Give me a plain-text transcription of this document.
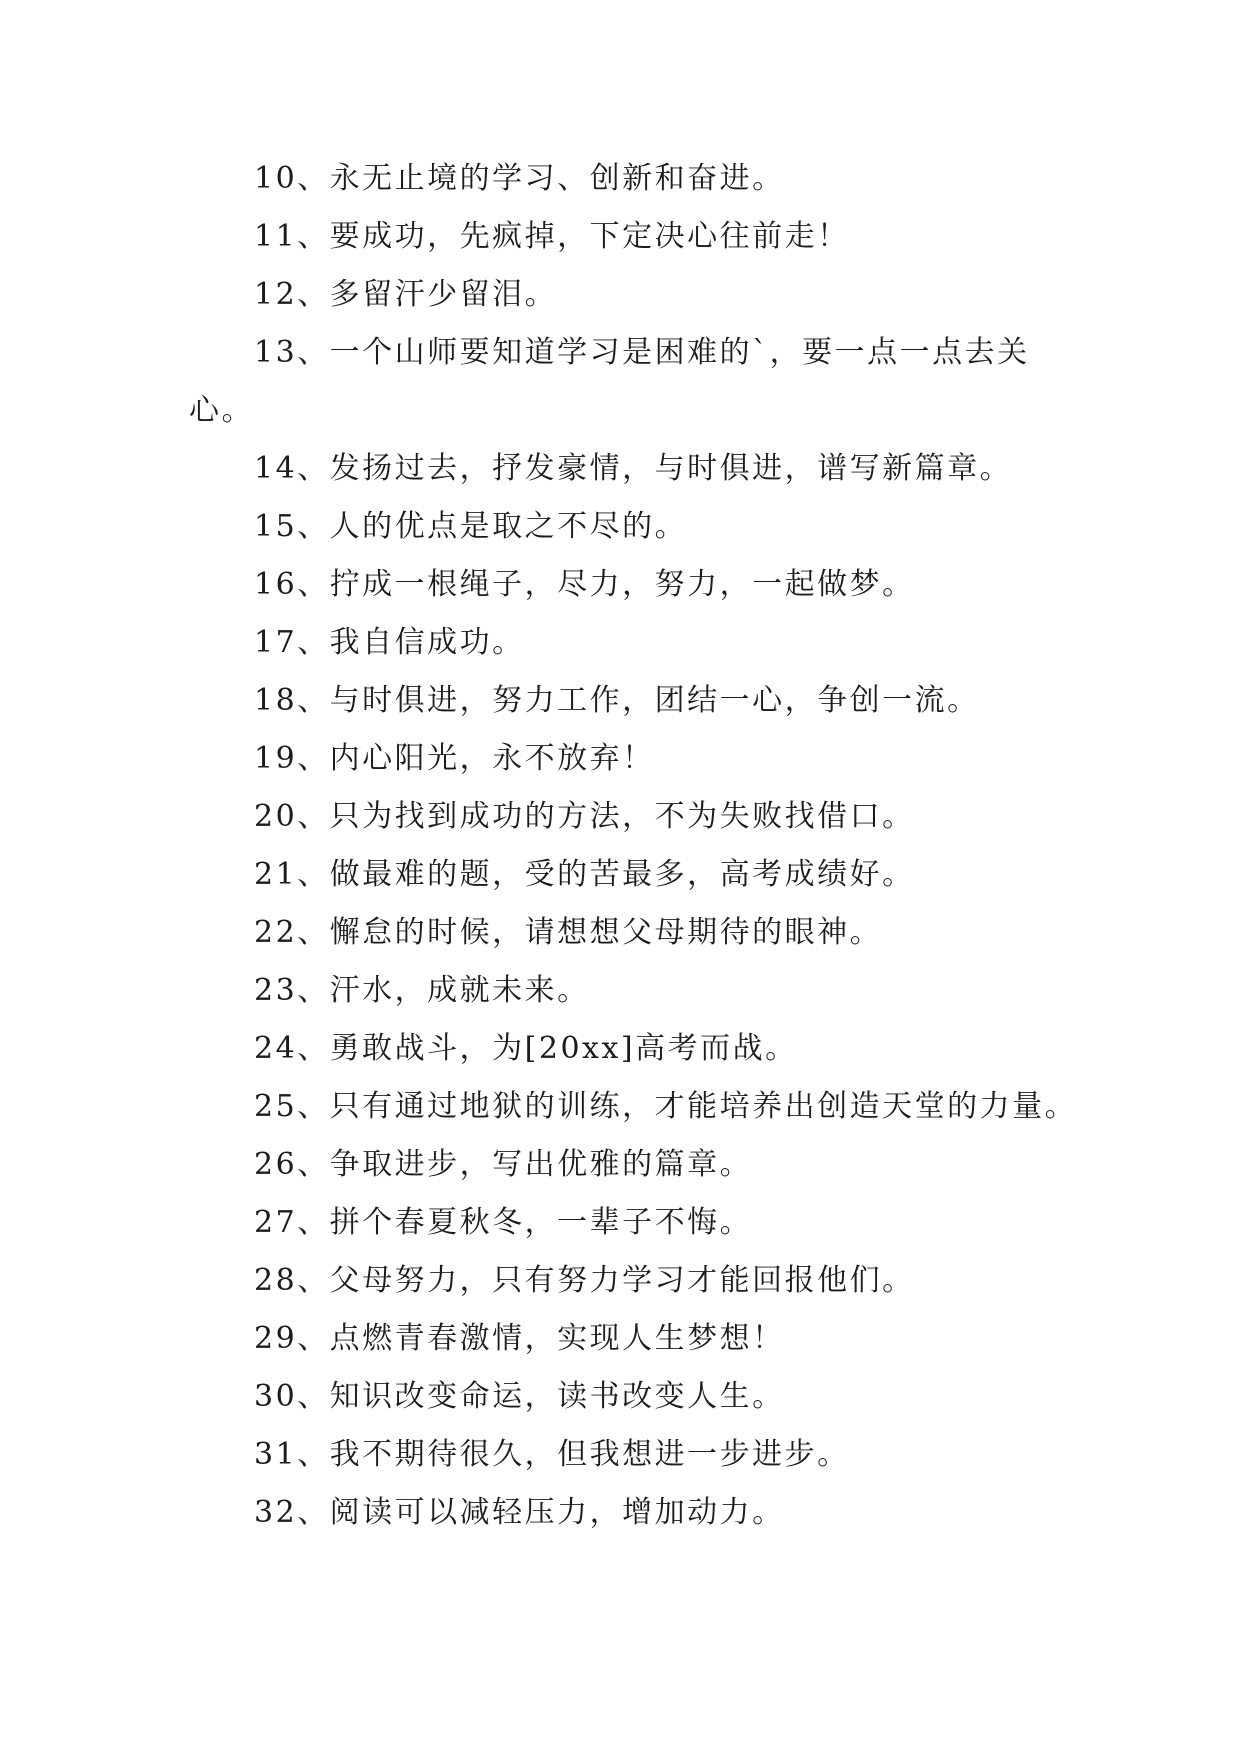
10、永无止境的学习、创新和奋进。
11、要成功，先疯掉，下定决心往前走！
12、多留汗少留泪。
13、一个山师要知道学习是困难的`，要一点一点去关
心。
14、发扬过去，抒发豪情，与时俱进，谱写新篇章。
15、人的优点是取之不尽的。
16、拧成一根绳子，尽力，努力，一起做梦。
17、我自信成功。
18、与时俱进，努力工作，团结一心，争创一流。
19、内心阳光，永不放弃！
20、只为找到成功的方法，不为失败找借口。
21、做最难的题，受的苦最多，高考成绩好。
22、懈怠的时候，请想想父母期待的眼神。
23、汗水，成就未来。
24、勇敢战斗，为[20xx]高考而战。
25、只有通过地狱的训练，才能培养出创造天堂的力量。
26、争取进步，写出优雅的篇章。
27、拼个春夏秋冬，一辈子不悔。
28、父母努力，只有努力学习才能回报他们。
29、点燃青春激情，实现人生梦想！
30、知识改变命运，读书改变人生。
31、我不期待很久，但我想进一步进步。
32、阅读可以减轻压力，增加动力。
